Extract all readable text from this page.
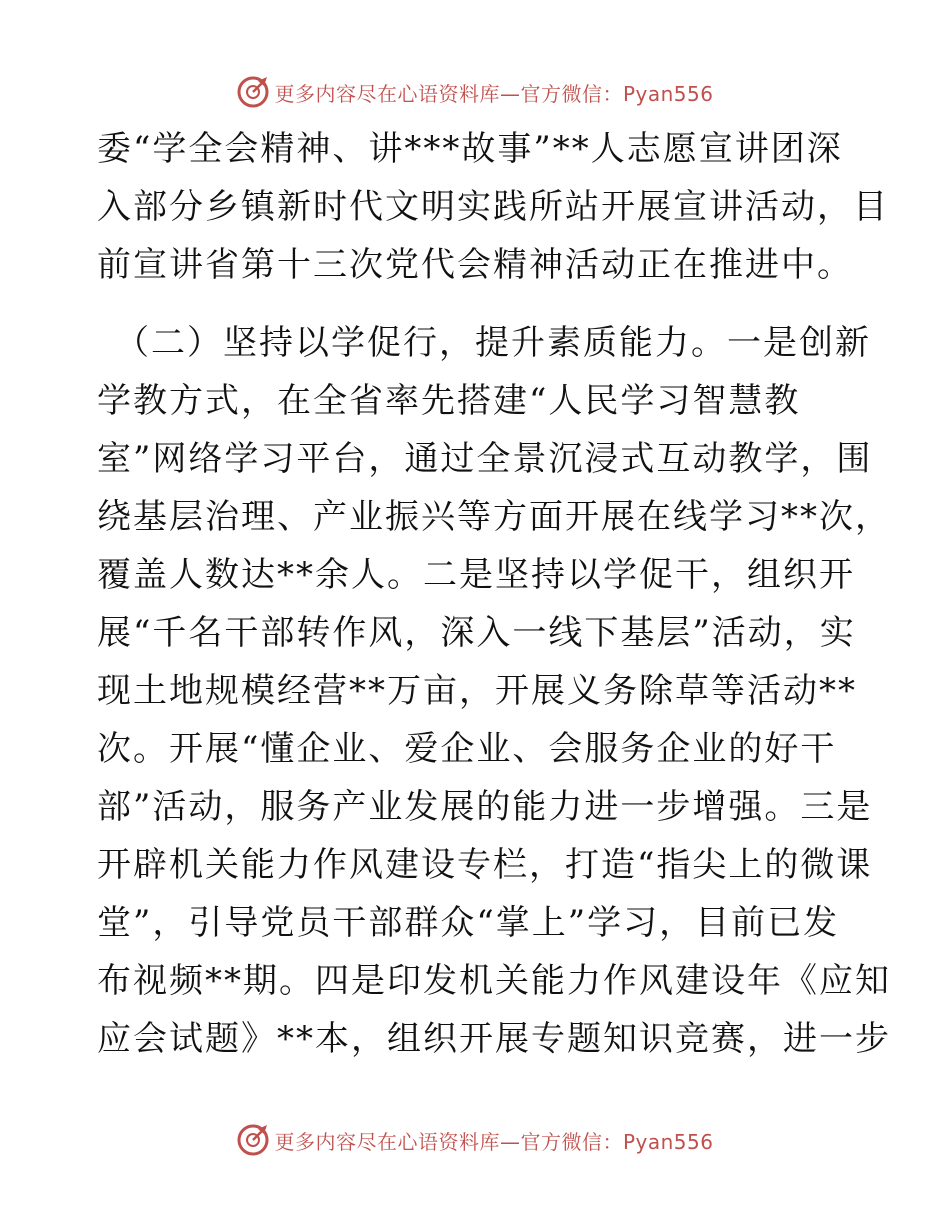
更多内容尽在心语资料库—官方微信：Pyan556
委“学全会精神、讲***故事”**人志愿宣讲团深
入部分乡镇新时代文明实践所站开展宣讲活动，目
前宣讲省第十三次党代会精神活动正在推进中。
（二）坚持以学促行，提升素质能力。一是创新
学教方式，在全省率先搭建“人民学习智慧教
室”网络学习平台，通过全景沉浸式互动教学，围
绕基层治理、产业振兴等方面开展在线学习**次，
覆盖人数达**余人。二是坚持以学促干，组织开
展“千名干部转作风，深入一线下基层”活动，实
现土地规模经营**万亩，开展义务除草等活动**
次。开展“懂企业、爱企业、会服务企业的好干
部”活动，服务产业发展的能力进一步增强。三是
开辟机关能力作风建设专栏，打造“指尖上的微课
堂”，引导党员干部群众“掌上”学习，目前已发
布视频**期。四是印发机关能力作风建设年《应知
应会试题》**本，组织开展专题知识竞赛，进一步
更多内容尽在心语资料库—官方微信：Pyan556
